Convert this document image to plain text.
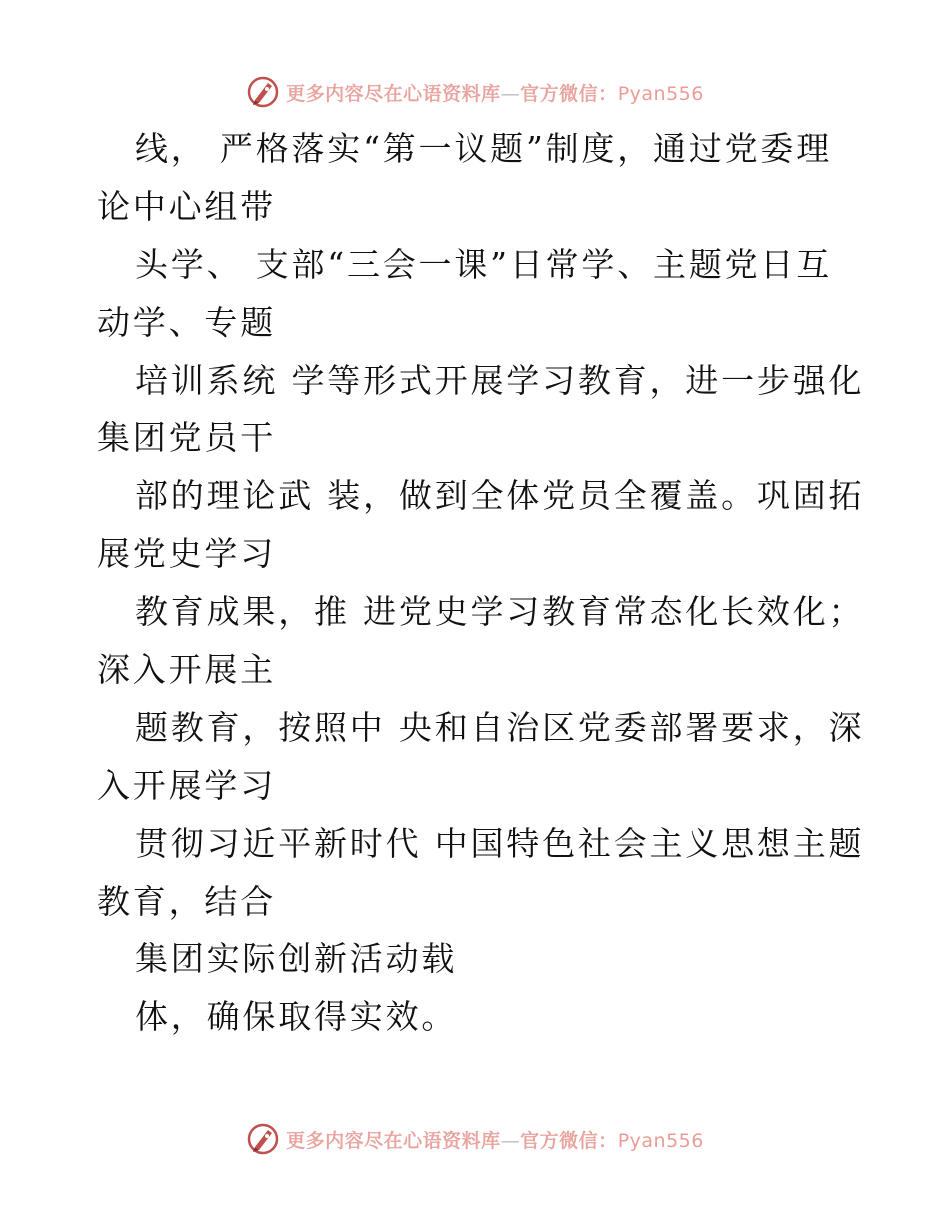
更多内容尽在心语资料库—官方微信：Pyan556
线， 严格落实“第一议题”制度，通过党委理
论中心组带
头学、 支部“三会一课”日常学、主题党日互
动学、专题
培训系统 学等形式开展学习教育，进一步强化
集团党员干
部的理论武 装，做到全体党员全覆盖。巩固拓
展党史学习
教育成果，推 进党史学习教育常态化长效化；
深入开展主
题教育，按照中 央和自治区党委部署要求，深
入开展学习
贯彻习近平新时代 中国特色社会主义思想主题
教育，结合
集团实际创新活动载
体，确保取得实效。
更多内容尽在心语资料库—官方微信：Pyan556
